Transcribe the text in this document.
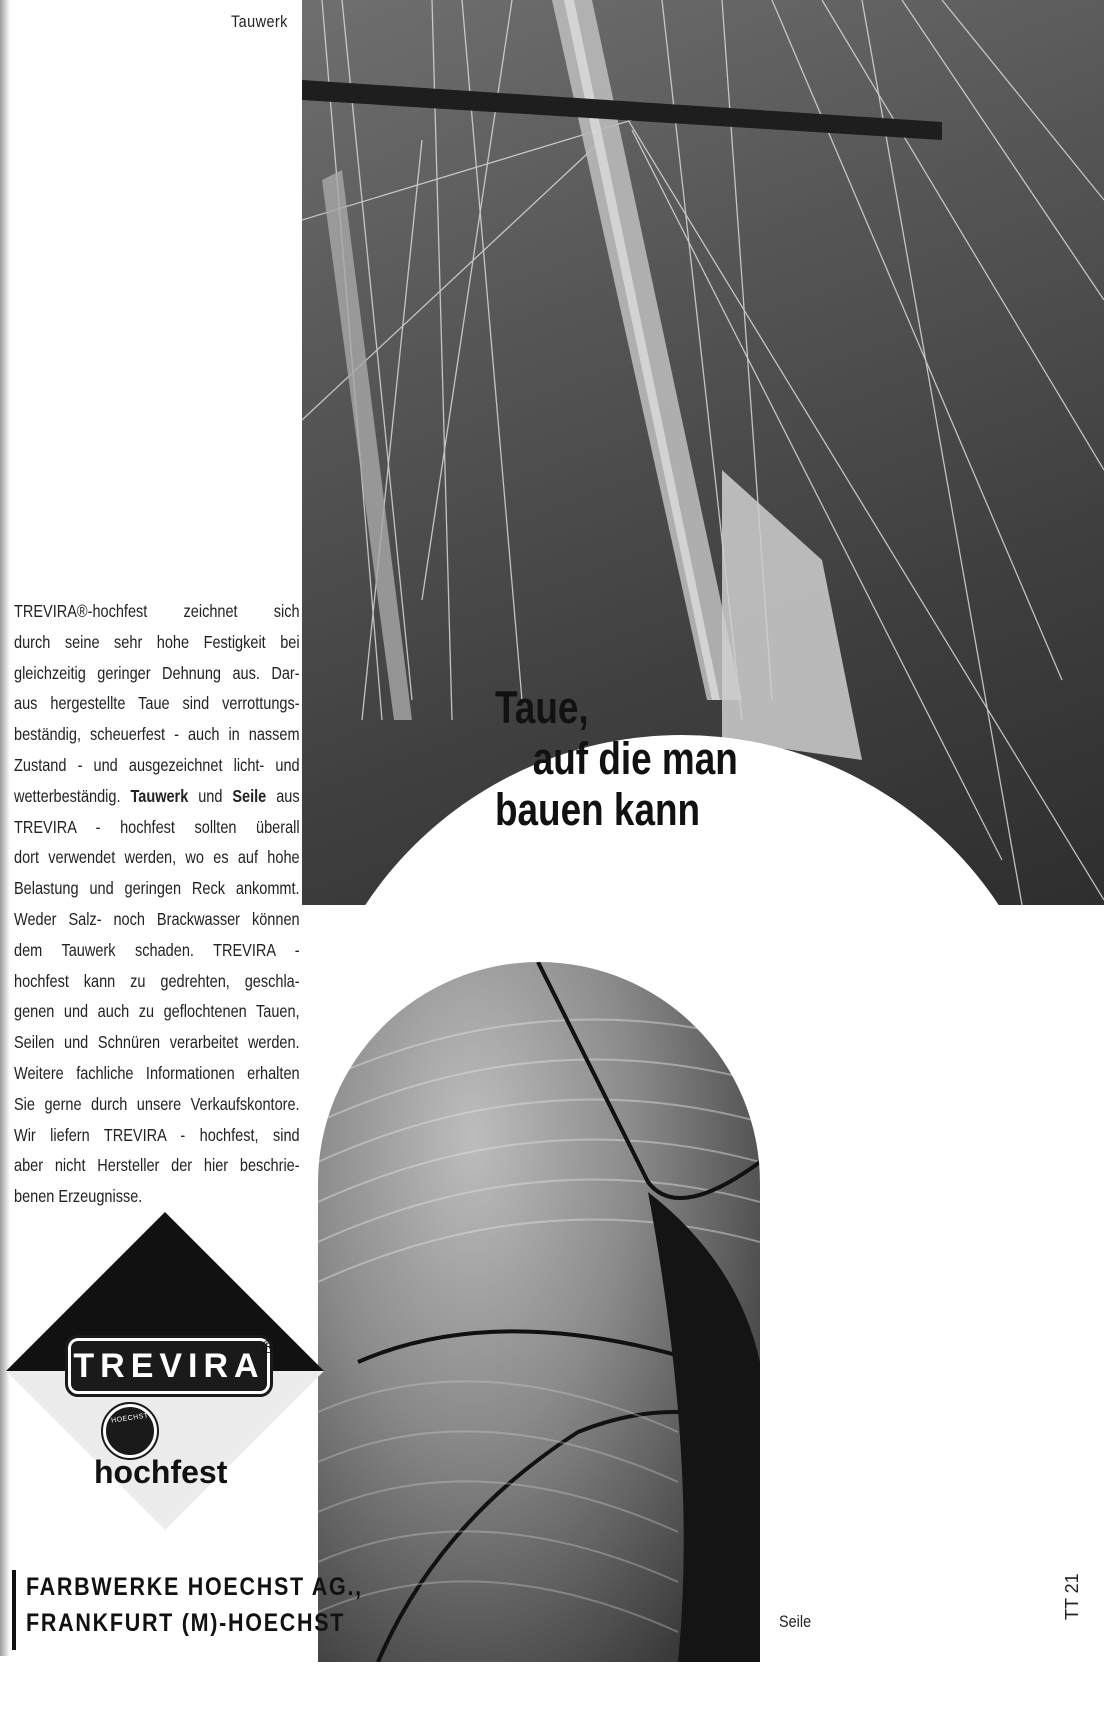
Tauwerk
Taue,
auf die man
bauen kann
TREVIRA®-hochfest zeichnet sich
durch seine sehr hohe Festigkeit bei
gleichzeitig geringer Dehnung aus. Dar-
aus hergestellte Taue sind verrottungs-
beständig, scheuerfest - auch in nassem
Zustand - und ausgezeichnet licht- und
wetterbeständig. Tauwerk und Seile aus
TREVIRA - hochfest sollten überall
dort verwendet werden, wo es auf hohe
Belastung und geringen Reck ankommt.
Weder Salz- noch Brackwasser können
dem Tauwerk schaden. TREVIRA -
hochfest kann zu gedrehten, geschla-
genen und auch zu geflochtenen Tauen,
Seilen und Schnüren verarbeitet werden.
Weitere fachliche Informationen erhalten
Sie gerne durch unsere Verkaufskontore.
Wir liefern TREVIRA - hochfest, sind
aber nicht Hersteller der hier beschrie-
benen Erzeugnisse.
TREVIRA
®
HOECHST
hochfest
FARBWERKE HOECHST AG.,
FRANKFURT (M)-HOECHST	Seile
TT 21
